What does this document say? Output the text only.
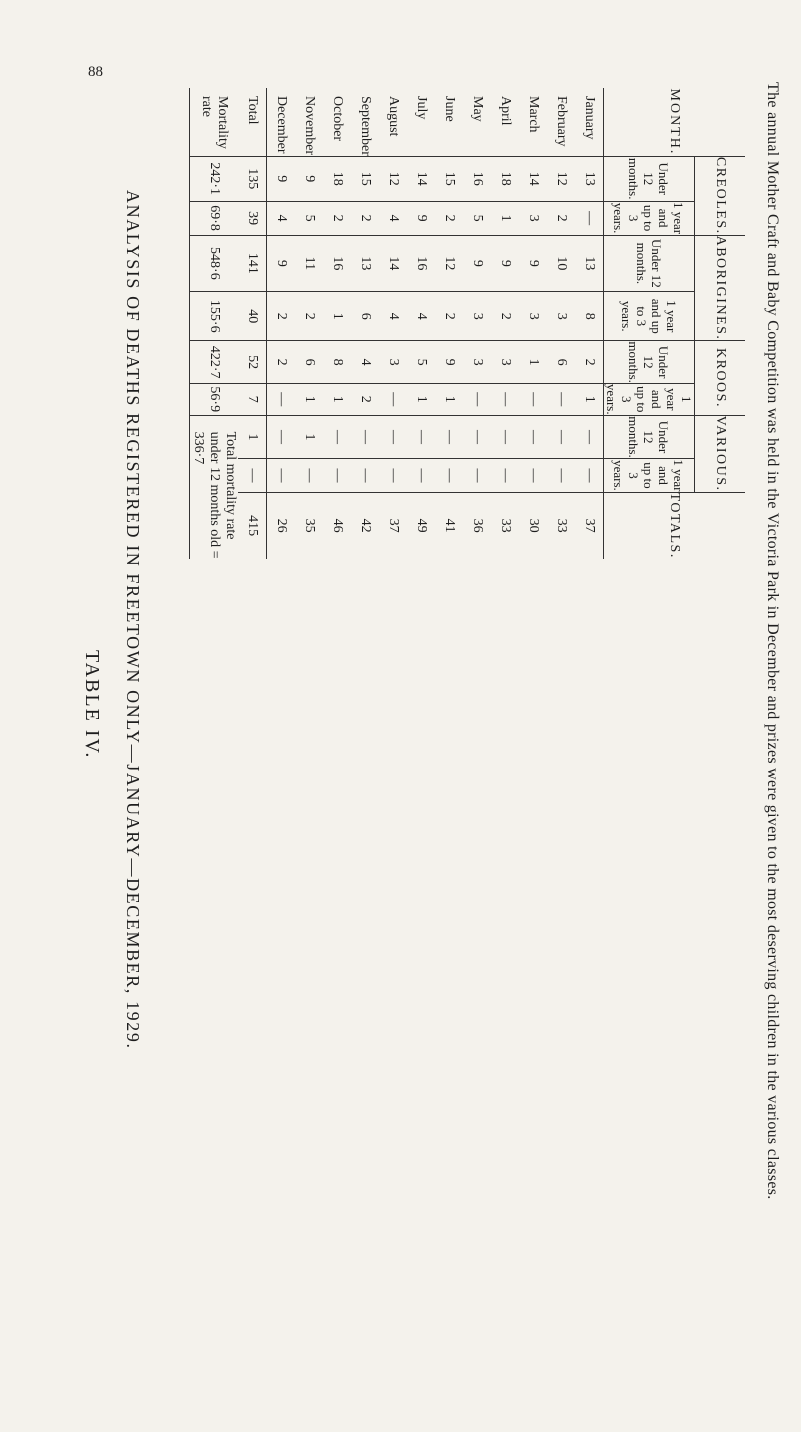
88
ANALYSIS OF DEATHS REGISTERED IN FREETOWN ONLY—JANUARY—DECEMBER, 1929.
TABLE IV.
MONTH.	CREOLES.		ABORIGINES.		KROOS.		VARIOUS.		TOTALS.
	Under 12 months.	1 year and up to 3 years.	Under 12 months.	1 year and up to 3 years.	Under 12 months.	1 year and up to 3 years.	Under 12 months.	1 year and up to 3 years.	
January	13	—	13	8	2	1	—	—	37
February	12	2	10	3	6	—	—	—	33
March	14	3	9	3	1	—	—	—	30
April	18	1	9	2	3	—	—	—	33
May	16	5	9	3	3	—	—	—	36
June	15	2	12	2	9	1	—	—	41
July	14	9	16	4	5	1	—	—	49
August	12	4	14	4	3	—	—	—	37
September	15	2	13	6	4	2	—	—	42
October	18	2	16	1	8	1	—	—	46
November	9	5	11	2	6	1	1	—	35
December	9	4	9	2	2	—	—	—	26
Total	135	39	141	40	52	7	1	—	415
Mortality rate	242·1	69·8	548·6	155·6	422·7	56·9	Total mortality rate under 12 months old = 336·7			The annual Mother Craft and Baby Competition was held in the Victoria Park in December and prizes were given to the most deserving children in the various classes.
